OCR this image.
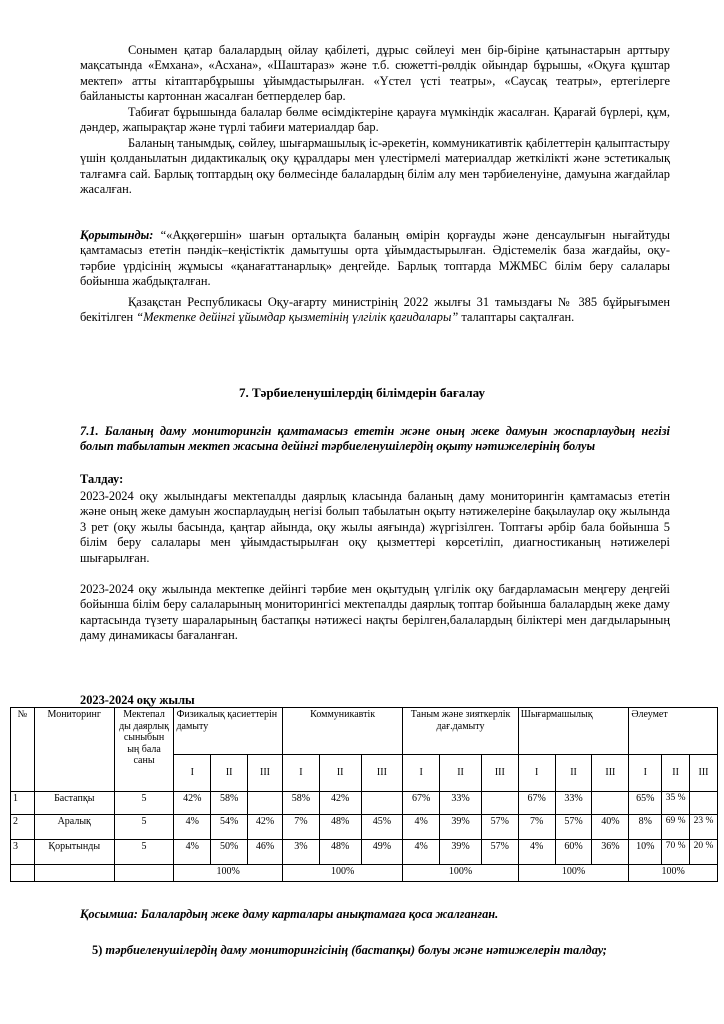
Сонымен қатар балалардың ойлау қабілеті, дұрыс сөйлеуі мен бір-біріне қатынастарын арттыру мақсатында «Емхана», «Асхана», «Шаштараз» және т.б. сюжетті-рөлдік ойындар бұрышы, «Оқуға құштар мектеп» атты кітаптарбұрышы ұйымдастырылған. «Үстел үсті театры», «Саусақ театры», ертегілерге байланысты картоннан жасалған бетперделер бар.

Табиғат бұрышында балалар бөлме өсімдіктеріне қарауға мүмкіндік жасалған. Қарағай бүрлері, құм, дәндер, жапырақтар және түрлі табиғи материалдар бар.

Баланың танымдық, сөйлеу, шығармашылық іс-әрекетін, коммуникативтік қабілеттерін қалыптастыру үшін қолданылатын дидактикалық оқу құралдары мен үлестірмелі материалдар жеткілікті және эстетикалық талғамға сай. Барлық топтардың оқу бөлмесінде балалардың білім алу мен тәрбиеленуіне, дамуына жағдайлар жасалған.

Қорытынды: “«Аққөгершін» шағын орталықта баланың өмірін қорғауды және денсаулығын нығайтуды қамтамасыз ететін пәндік–кеңістіктік дамытушы орта ұйымдастырылған. Әдістемелік база жағдайы, оқу-тәрбие үрдісінің жұмысы «қанағаттанарлық» деңгейде. Барлық топтарда МЖМБС білім беру салалары бойынша жабдықталған.

Қазақстан Республикасы Оқу-ағарту министрінің 2022 жылғы 31 тамыздағы № 385 бұйрығымен бекітілген “Мектепке дейінгі ұйымдар қызметінің үлгілік қағидалары” талаптары сақталған.

7. Тәрбиеленушілердің білімдерін бағалау

7.1. Баланың даму мониторингін қамтамасыз ететін және оның жеке дамуын жоспарлаудың негізі болып табылатын мектеп жасына дейінгі тәрбиеленушілердің оқыту нәтижелерінің болуы

Талдау:

2023-2024 оқу жылындағы мектепалды даярлық класында баланың даму мониторингін қамтамасыз ететін және оның жеке дамуын жоспарлаудың негізі болып табылатын оқыту нәтижелеріне бақылаулар оқу жылында 3 рет (оқу жылы басында, қаңтар айында, оқу жылы аяғында) жүргізілген. Топтағы әрбір бала бойынша 5 білім беру салалары мен ұйымдастырылған оқу қызметтері көрсетіліп, диагностиканың нәтижелері шығарылған.

2023-2024 оқу жылында мектепке дейінгі тәрбие мен оқытудың үлгілік оқу бағдарламасын меңгеру деңгейі бойынша білім беру салаларының мониторингісі мектепалды даярлық топтар бойынша балалардың жеке даму картасында түзету шараларының бастапқы нәтижесі нақты берілген,балалардың біліктері мен дағдыларының даму динамикасы бағаланған.

2023-2024 оқу жылы
№	Мониторинг	Мектепал ды даярлық сыныбын ың бала саны	Физикалық қасиеттерін дамыту			Коммуникавтік			Таным және зияткерлік дағ.дамыту			Шығармашылық			Әлеумет		
			I	II	III	I	II	III	I	II	III	I	II	III	I	II	III
1	Бастапқы	5	42%	58%		58%	42%		67%	33%		67%	33%		65%	35 %	
2	Аралық	5	4%	54%	42%	7%	48%	45%	4%	39%	57%	7%	57%	40%	8%	69 %	23 %
3	Қорытынды	5	4%	50%	46%	3%	48%	49%	4%	39%	57%	4%	60%	36%	10%	70 %	20 %
			100%			100%			100%			100%			100%		

Қосымша: Балалардың жеке даму карталары анықтамаға қоса жалғанған.

5) тәрбиеленушілердің даму мониторингісінің (бастапқы) болуы және нәтижелерін талдау;
